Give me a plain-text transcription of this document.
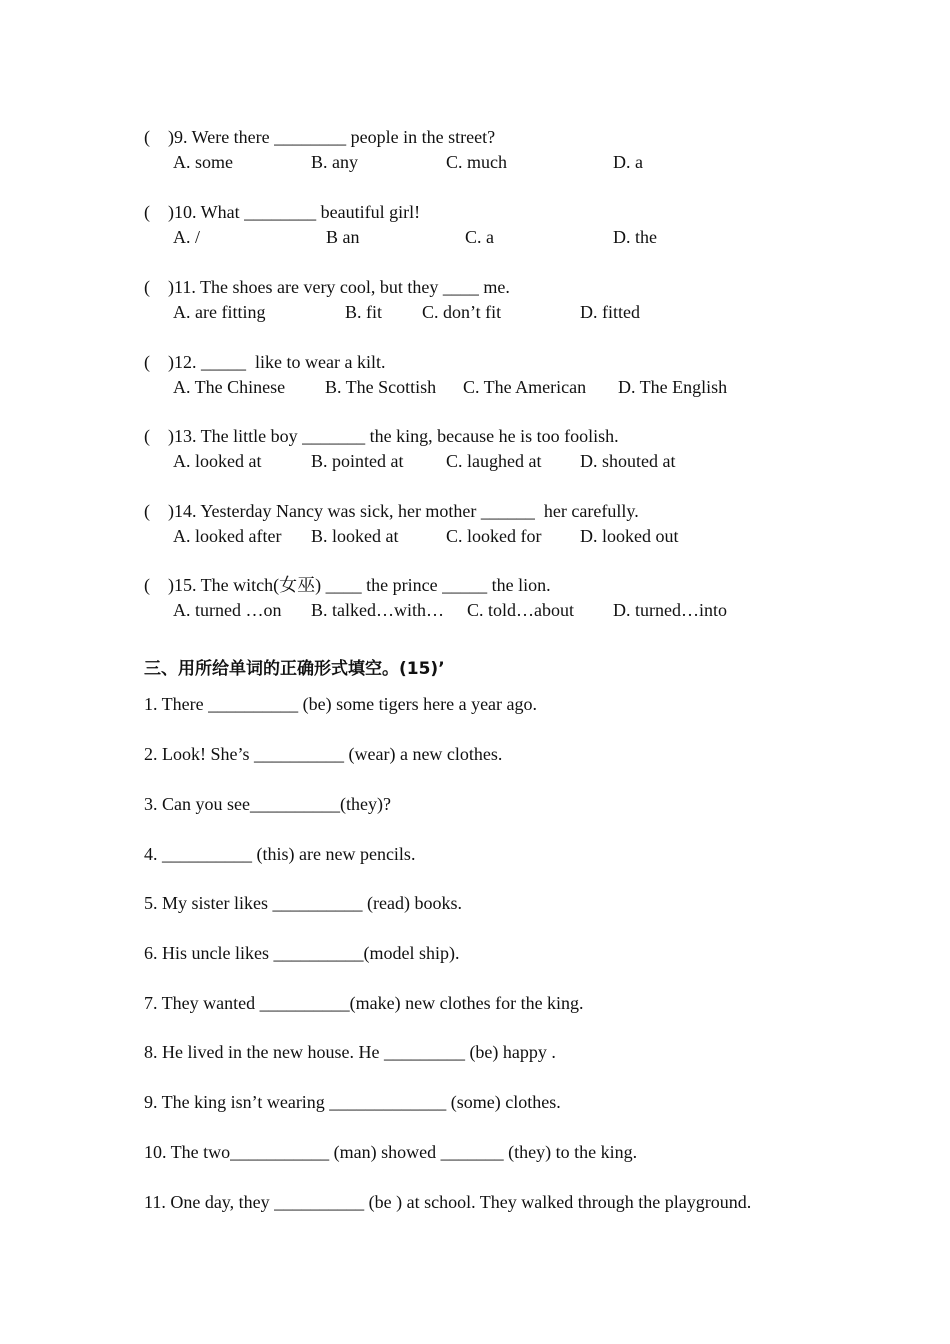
(    )9. Were there ________ people in the street?
A. some	B. any	C. much	D. a
(    )10. What ________ beautiful girl!
A. /	B an	C. a	D. the
(    )11. The shoes are very cool, but they ____ me.
A. are fitting	B. fit C. don’t fit	D. fitted
(    )12. _____  like to wear a kilt.
A. The Chinese B. The Scottish C. The American D. The English
(    )13. The little boy _______ the king, because he is too foolish.
A. looked at	B. pointed at C. laughed at D. shouted at
(    )14. Yesterday Nancy was sick, her mother ______  her carefully.
A. looked after B. looked at	C. looked for D. looked out
(    )15. The witch(女巫) ____ the prince _____ the lion.
A. turned …on B. talked…with… C. told…about D. turned…into
三、用所给单词的正确形式填空。(15)’
1. There __________ (be) some tigers here a year ago.
2. Look! She’s __________ (wear) a new clothes.
3. Can you see__________(they)?
4. __________ (this) are new pencils.
5. My sister likes __________ (read) books.
6. His uncle likes __________(model ship).
7. They wanted __________(make) new clothes for the king.
8. He lived in the new house. He _________ (be) happy .
9. The king isn’t wearing _____________ (some) clothes.
10. The two___________ (man) showed _______ (they) to the king.
11. One day, they __________ (be ) at school. They walked through the playground.
